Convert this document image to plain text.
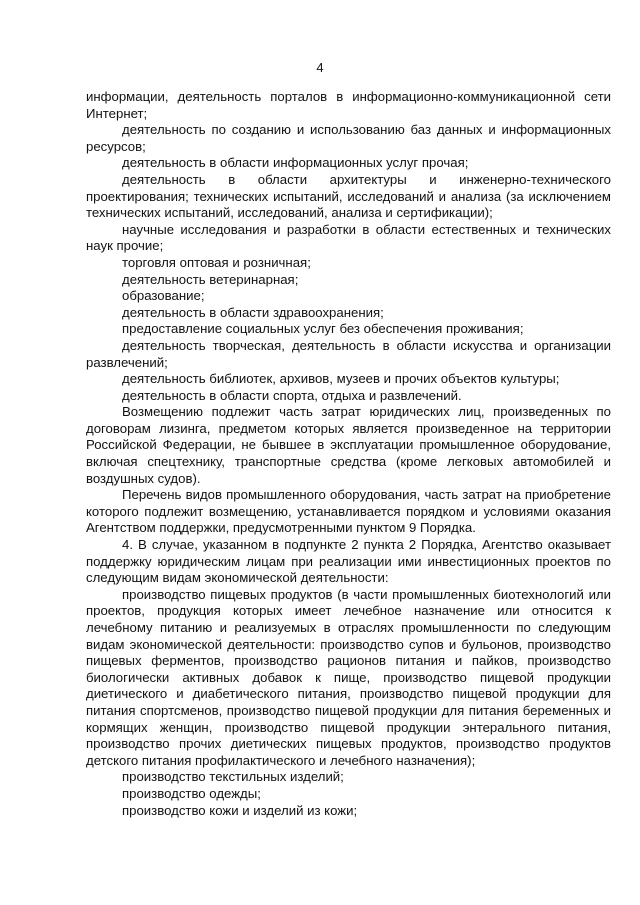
4

информации, деятельность порталов в информационно-коммуникационной сети Интернет;

деятельность по созданию и использованию баз данных и информационных ресурсов;

деятельность в области информационных услуг прочая;

деятельность в области архитектуры и инженерно-технического проектирования; технических испытаний, исследований и анализа (за исключением технических испытаний, исследований, анализа и сертификации);

научные исследования и разработки в области естественных и технических наук прочие;

торговля оптовая и розничная;

деятельность ветеринарная;

образование;

деятельность в области здравоохранения;

предоставление социальных услуг без обеспечения проживания;

деятельность творческая, деятельность в области искусства и организации развлечений;

деятельность библиотек, архивов, музеев и прочих объектов культуры;

деятельность в области спорта, отдыха и развлечений.

Возмещению подлежит часть затрат юридических лиц, произведенных по договорам лизинга, предметом которых является произведенное на территории Российской Федерации, не бывшее в эксплуатации промышленное оборудование, включая спецтехнику, транспортные средства (кроме легковых автомобилей и воздушных судов).

Перечень видов промышленного оборудования, часть затрат на приобретение которого подлежит возмещению, устанавливается порядком и условиями оказания Агентством поддержки, предусмотренными пунктом 9 Порядка.

4. В случае, указанном в подпункте 2 пункта 2 Порядка, Агентство оказывает поддержку юридическим лицам при реализации ими инвестиционных проектов по следующим видам экономической деятельности:

производство пищевых продуктов (в части промышленных биотехнологий или проектов, продукция которых имеет лечебное назначение или относится к лечебному питанию и реализуемых в отраслях промышленности по следующим видам экономической деятельности: производство супов и бульонов, производство пищевых ферментов, производство рационов питания и пайков, производство биологически активных добавок к пище, производство пищевой продукции диетического и диабетического питания, производство пищевой продукции для питания спортсменов, производство пищевой продукции для питания беременных и кормящих женщин, производство пищевой продукции энтерального питания, производство прочих диетических пищевых продуктов, производство продуктов детского питания профилактического и лечебного назначения);

производство текстильных изделий;

производство одежды;

производство кожи и изделий из кожи;
